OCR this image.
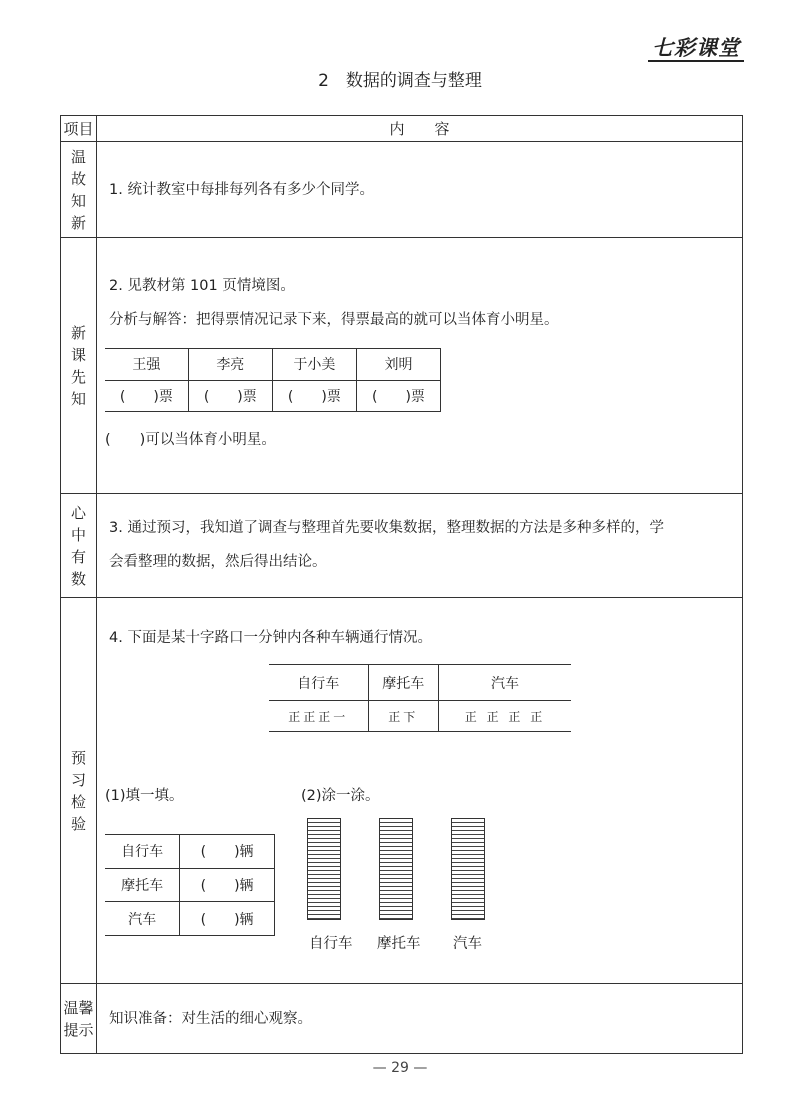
七彩课堂
2　数据的调查与整理
项目	内　　容

温
故
知
新
	1. 统计教室中每排每列各有多少个同学。

新
课
先
知

2. 见教材第 101 页情境图。
分析与解答：把得票情况记录下来，得票最高的就可以当体育小明星。
王强	李亮	于小美	刘明
(　　)票	(　　)票	(　　)票	(　　)票
(　　)可以当体育小明星。

心
中
有
数

3. 通过预习，我知道了调查与整理首先要收集数据，整理数据的方法是多种多样的，学
会看整理的数据，然后得出结论。

预
习
检
验

4. 下面是某十字路口一分钟内各种车辆通行情况。
自行车	摩托车	汽车
正正正一	正下	正 正 正 正
(1)填一填。	(2)涂一涂。
自行车	(　　)辆
摩托车	(　　)辆
汽车	(　　)辆
自行车 摩托车 汽车

温馨
提示
	知识准备：对生活的细心观察。
— 29 —
